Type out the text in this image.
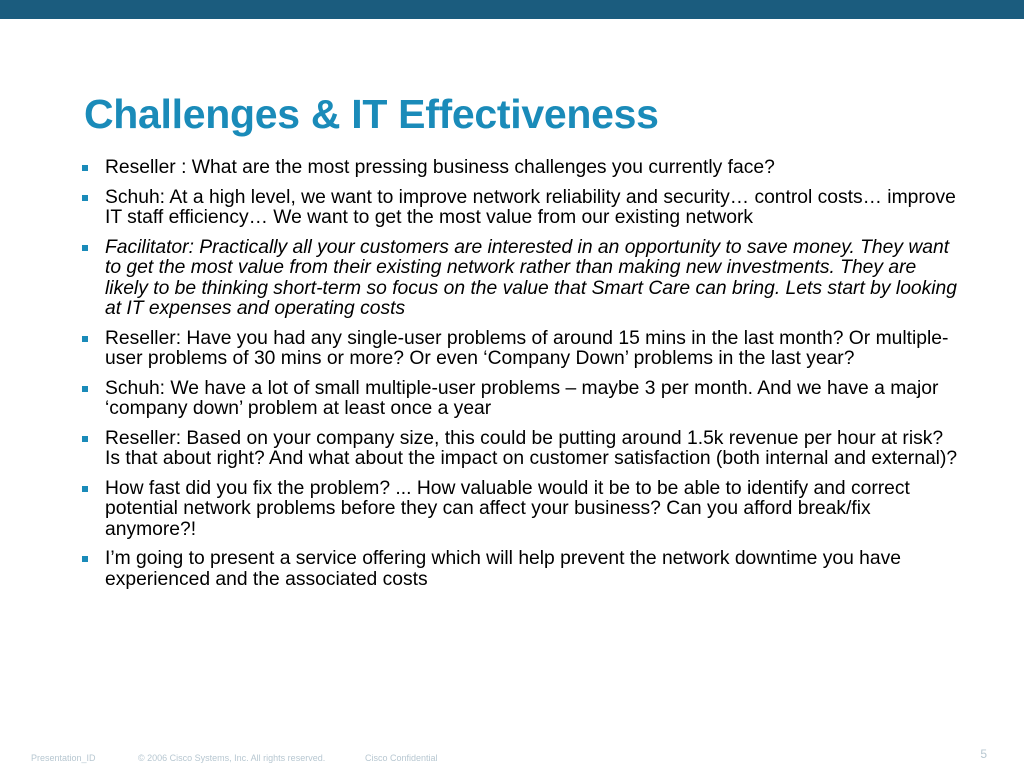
Challenges & IT Effectiveness
Reseller : What are the most pressing business challenges you currently face?
Schuh: At a high level, we want to improve network reliability and security… control costs… improve IT staff efficiency… We want to get the most value from our existing network
Facilitator: Practically all your customers are interested in an opportunity to save money. They want to get the most value from their existing network rather than making new investments. They are likely to be thinking short-term so focus on the value that Smart Care can bring. Lets start by looking at IT expenses and operating costs
Reseller: Have you had any single-user problems of around 15 mins in the last month? Or multiple-user problems of 30 mins or more? Or even ‘Company Down’ problems in the last year?
Schuh: We have a lot of small multiple-user problems – maybe 3 per month. And we have a major ‘company down’ problem at least once a year
Reseller: Based on your company size, this could be putting around 1.5k revenue per hour at risk? Is that about right? And what about the impact on customer satisfaction (both internal and external)?
How fast did you fix the problem? ... How valuable would it be to be able to identify and correct potential network problems before they can affect your business? Can you afford break/fix anymore?!
I’m going to present a service offering which will help prevent the network downtime you have experienced and the associated costs
Presentation_ID	© 2006 Cisco Systems, Inc. All rights reserved.	Cisco Confidential	5
